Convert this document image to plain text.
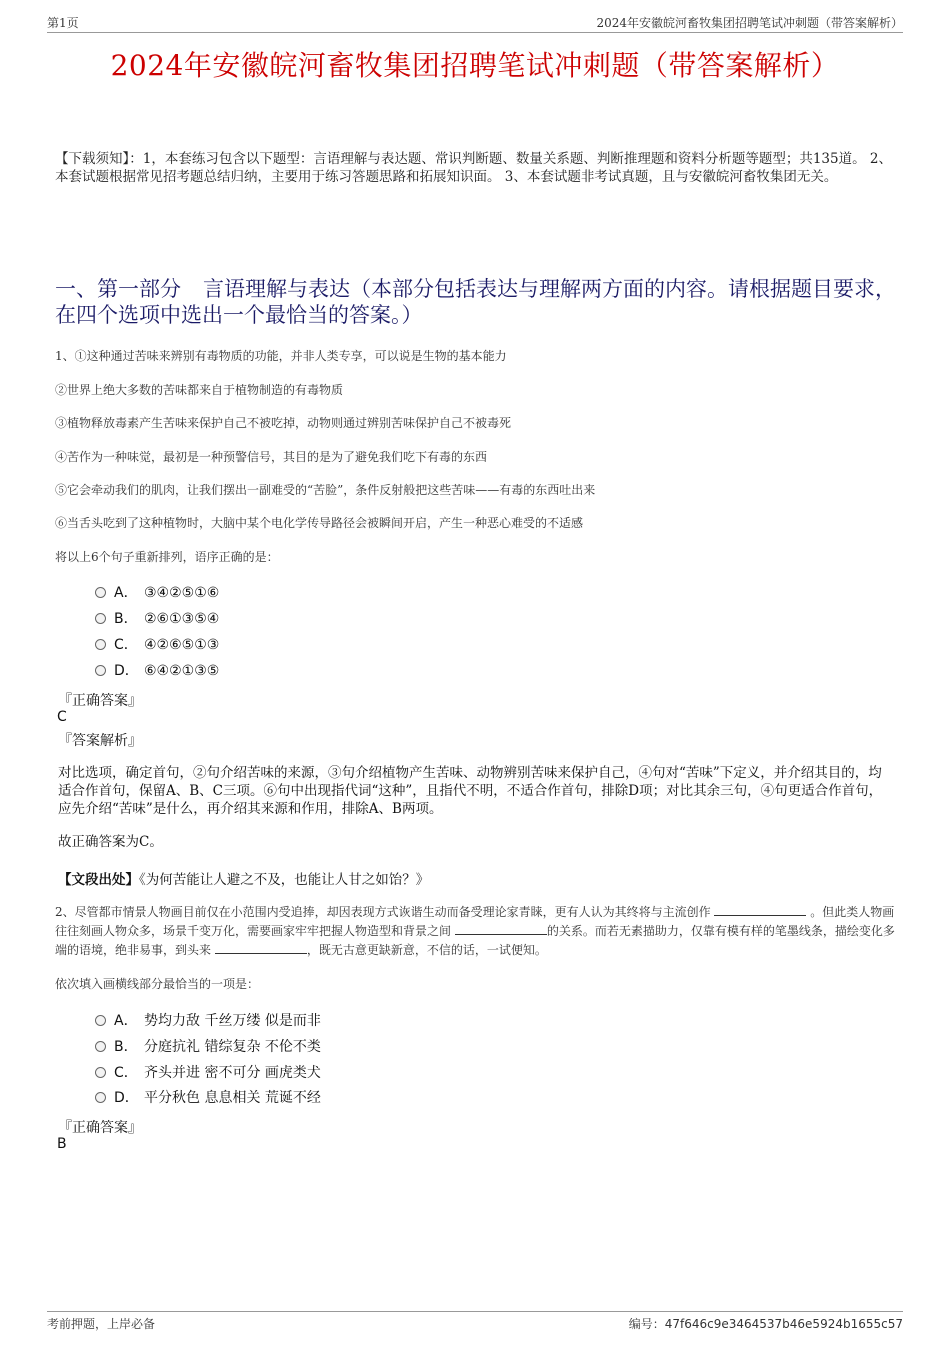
第1页	2024年安徽皖河畜牧集团招聘笔试冲刺题（带答案解析）
2024年安徽皖河畜牧集团招聘笔试冲刺题（带答案解析）
【下载须知】：1，本套练习包含以下题型：言语理解与表达题、常识判断题、数量关系题、判断推理题和资料分析题等题型；共135道。 2、本套试题根据常见招考题总结归纳，主要用于练习答题思路和拓展知识面。 3、本套试题非考试真题，且与安徽皖河畜牧集团无关。
一、第一部分 言语理解与表达（本部分包括表达与理解两方面的内容。请根据题目要求，在四个选项中选出一个最恰当的答案。）
1、①这种通过苦味来辨别有毒物质的功能，并非人类专享，可以说是生物的基本能力
②世界上绝大多数的苦味都来自于植物制造的有毒物质
③植物释放毒素产生苦味来保护自己不被吃掉，动物则通过辨别苦味保护自己不被毒死
④苦作为一种味觉，最初是一种预警信号，其目的是为了避免我们吃下有毒的东西
⑤它会牵动我们的肌肉，让我们摆出一副难受的“苦脸”，条件反射般把这些苦味——有毒的东西吐出来
⑥当舌头吃到了这种植物时，大脑中某个电化学传导路径会被瞬间开启，产生一种恶心难受的不适感
将以上6个句子重新排列，语序正确的是：
A． ③④②⑤①⑥
B． ②⑥①③⑤④
C． ④②⑥⑤①③
D． ⑥④②①③⑤
『正确答案』
C
『答案解析』
对比选项，确定首句，②句介绍苦味的来源，③句介绍植物产生苦味、动物辨别苦味来保护自己，④句对“苦味”下定义，并介绍其目的，均适合作首句，保留A、B、C三项。⑥句中出现指代词“这种”，且指代不明，不适合作首句，排除D项；对比其余三句，④句更适合作首句，应先介绍“苦味”是什么，再介绍其来源和作用，排除A、B两项。
故正确答案为C。
【文段出处】《为何苦能让人避之不及，也能让人甘之如饴？》
2、尽管都市情景人物画目前仅在小范围内受追捧，却因表现方式诙谐生动而备受理论家青睐，更有人认为其终将与主流创作	。但此类人物画往往刻画人物众多，场景千变万化，需要画家牢牢把握人物造型和背景之间	的关系。而若无素描助力，仅靠有模有样的笔墨线条，描绘变化多端的语境，绝非易事，到头来	，既无古意更缺新意，不信的话，一试便知。
依次填入画横线部分最恰当的一项是：
A． 势均力敌 千丝万缕 似是而非
B． 分庭抗礼 错综复杂 不伦不类
C． 齐头并进 密不可分 画虎类犬
D． 平分秋色 息息相关 荒诞不经
『正确答案』
B
考前押题，上岸必备	编号：47f646c9e3464537b46e5924b1655c57
